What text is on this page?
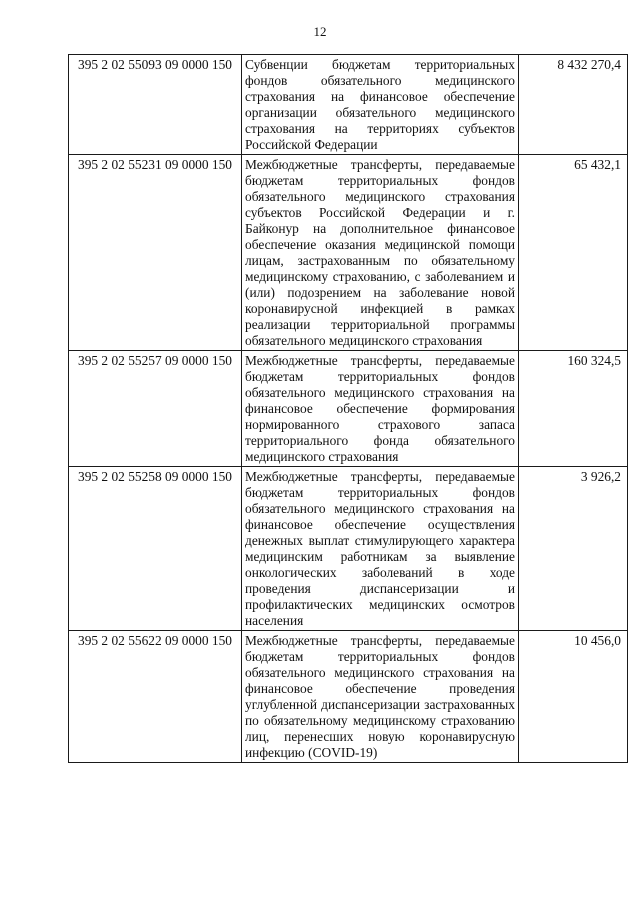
12
395 2 02 55093 09 0000 150	Субвенции бюджетам территориальных фондов обязательного медицинского страхования на финансовое обеспечение организации обязательного медицинского страхования на территориях субъектов Российской Федерации	8 432 270,4
395 2 02 55231 09 0000 150	Межбюджетные трансферты, передаваемые бюджетам территориальных фондов обязательного медицинского страхования субъектов Российской Федерации и г. Байконур на дополнительное финансовое обеспечение оказания медицинской помощи лицам, застрахованным по обязательному медицинскому страхованию, с заболеванием и (или) подозрением на заболевание новой коронавирусной инфекцией в рамках реализации территориальной программы обязательного медицинского страхования	65 432,1
395 2 02 55257 09 0000 150	Межбюджетные трансферты, передаваемые бюджетам территориальных фондов обязательного медицинского страхования на финансовое обеспечение формирования нормированного страхового запаса территориального фонда обязательного медицинского страхования	160 324,5
395 2 02 55258 09 0000 150	Межбюджетные трансферты, передаваемые бюджетам территориальных фондов обязательного медицинского страхования на финансовое обеспечение осуществления денежных выплат стимулирующего характера медицинским работникам за выявление онкологических заболеваний в ходе проведения диспансеризации и профилактических медицинских осмотров населения	3 926,2
395 2 02 55622 09 0000 150	Межбюджетные трансферты, передаваемые бюджетам территориальных фондов обязательного медицинского страхования на финансовое обеспечение проведения углубленной диспансеризации застрахованных по обязательному медицинскому страхованию лиц, перенесших новую коронавирусную инфекцию (COVID-19)	10 456,0
